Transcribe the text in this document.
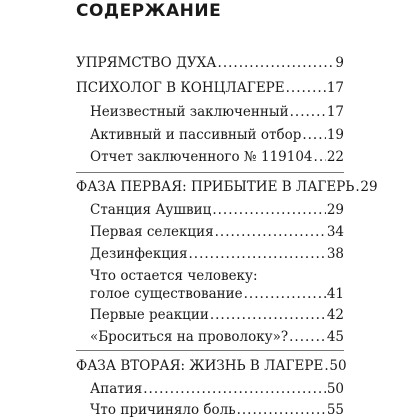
СОДЕРЖАНИЕ
УПРЯМСТВО ДУХА .....	9
ПСИХОЛОГ В КОНЦЛАГЕРЕ .....	17
Неизвестный заключенный .....	17
Активный и пассивный отбор ..... 19
Отчет заключенного № 119104 ..... 22
ФАЗА ПЕРВАЯ: ПРИБЫТИЕ В ЛАГЕРЬ ..... 29
Станция Аушвиц .....	29
Первая селекция .....	34
Дезинфекция .....	38
Что остается человеку:
голое существование .....	41
Первые реакции .....	42
«Броситься на проволоку»? .....	45
ФАЗА ВТОРАЯ: ЖИЗНЬ В ЛАГЕРЕ ..... 50
Апатия .....	50
Что причиняло боль .....	55
